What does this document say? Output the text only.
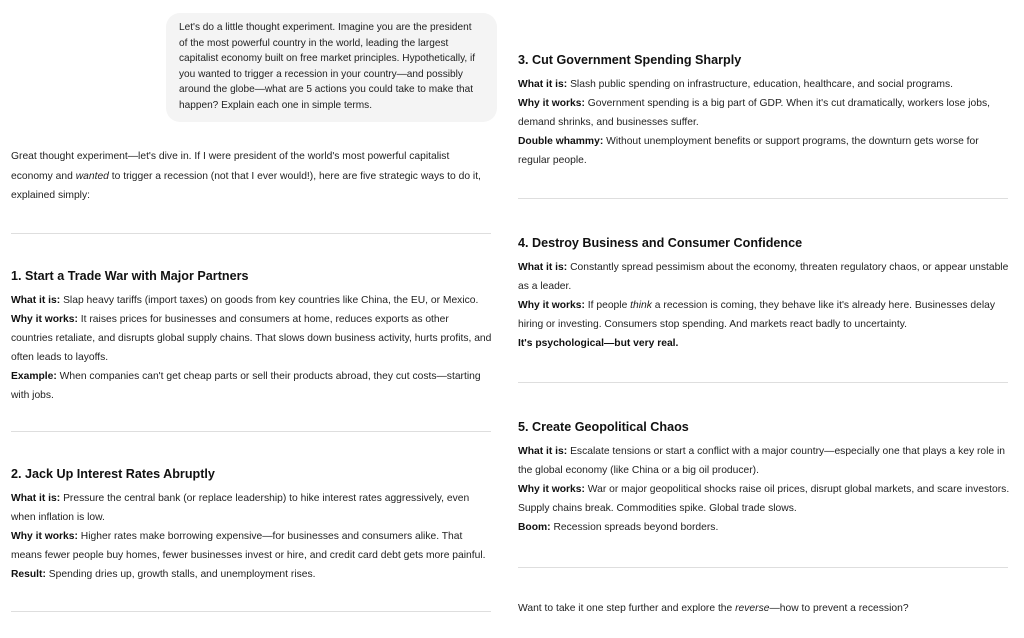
Let's do a little thought experiment. Imagine you are the president of the most powerful country in the world, leading the largest capitalist economy built on free market principles. Hypothetically, if you wanted to trigger a recession in your country—and possibly around the globe—what are 5 actions you could take to make that happen? Explain each one in simple terms.

Great thought experiment—let's dive in. If I were president of the world's most powerful capitalist economy and wanted to trigger a recession (not that I ever would!), here are five strategic ways to do it, explained simply:

1. Start a Trade War with Major Partners

What it is: Slap heavy tariffs (import taxes) on goods from key countries like China, the EU, or Mexico.

Why it works: It raises prices for businesses and consumers at home, reduces exports as other countries retaliate, and disrupts global supply chains. That slows down business activity, hurts profits, and often leads to layoffs.

Example: When companies can't get cheap parts or sell their products abroad, they cut costs—starting with jobs.

2. Jack Up Interest Rates Abruptly

What it is: Pressure the central bank (or replace leadership) to hike interest rates aggressively, even when inflation is low.

Why it works: Higher rates make borrowing expensive—for businesses and consumers alike. That means fewer people buy homes, fewer businesses invest or hire, and credit card debt gets more painful.

Result: Spending dries up, growth stalls, and unemployment rises.

3. Cut Government Spending Sharply

What it is: Slash public spending on infrastructure, education, healthcare, and social programs.

Why it works: Government spending is a big part of GDP. When it's cut dramatically, workers lose jobs, demand shrinks, and businesses suffer.

Double whammy: Without unemployment benefits or support programs, the downturn gets worse for regular people.

4. Destroy Business and Consumer Confidence

What it is: Constantly spread pessimism about the economy, threaten regulatory chaos, or appear unstable as a leader.

Why it works: If people think a recession is coming, they behave like it's already here. Businesses delay hiring or investing. Consumers stop spending. And markets react badly to uncertainty.

It's psychological—but very real.

5. Create Geopolitical Chaos

What it is: Escalate tensions or start a conflict with a major country—especially one that plays a key role in the global economy (like China or a big oil producer).

Why it works: War or major geopolitical shocks raise oil prices, disrupt global markets, and scare investors. Supply chains break. Commodities spike. Global trade slows.

Boom: Recession spreads beyond borders.

Want to take it one step further and explore the reverse—how to prevent a recession?
